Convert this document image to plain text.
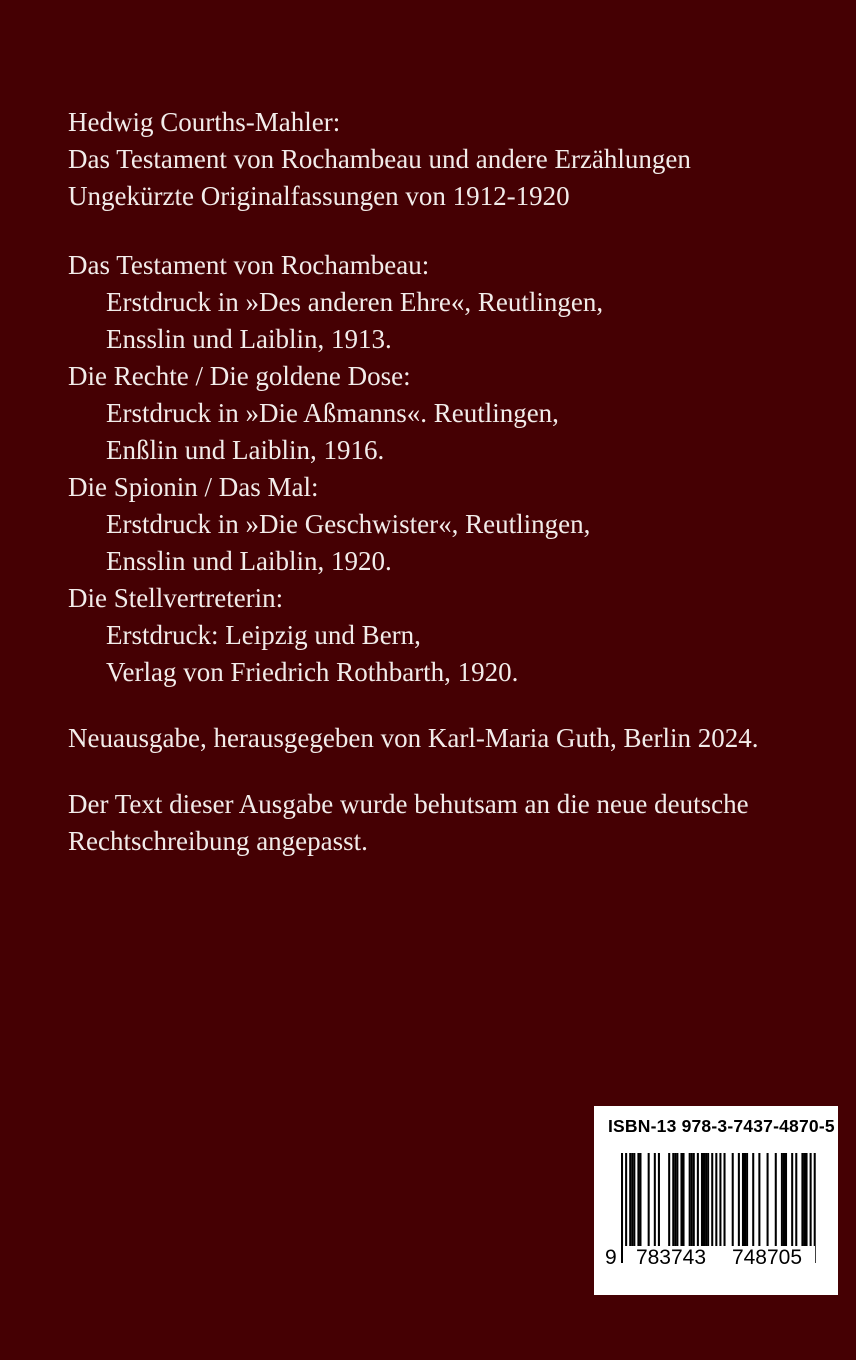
Hedwig Courths-Mahler:
Das Testament von Rochambeau und andere Erzählungen
Ungekürzte Originalfassungen von 1912-1920
Das Testament von Rochambeau:
Erstdruck in »Des anderen Ehre«, Reutlingen,
Ensslin und Laiblin, 1913.
Die Rechte / Die goldene Dose:
Erstdruck in »Die Aßmanns«. Reutlingen,
Enßlin und Laiblin, 1916.
Die Spionin / Das Mal:
Erstdruck in »Die Geschwister«, Reutlingen,
Ensslin und Laiblin, 1920.
Die Stellvertreterin:
Erstdruck: Leipzig und Bern,
Verlag von Friedrich Rothbarth, 1920.
Neuausgabe, herausgegeben von Karl-Maria Guth, Berlin 2024.
Der Text dieser Ausgabe wurde behutsam an die neue deutsche
Rechtschreibung angepasst.
ISBN-13 978-3-7437-4870-5
9 783743	748705
